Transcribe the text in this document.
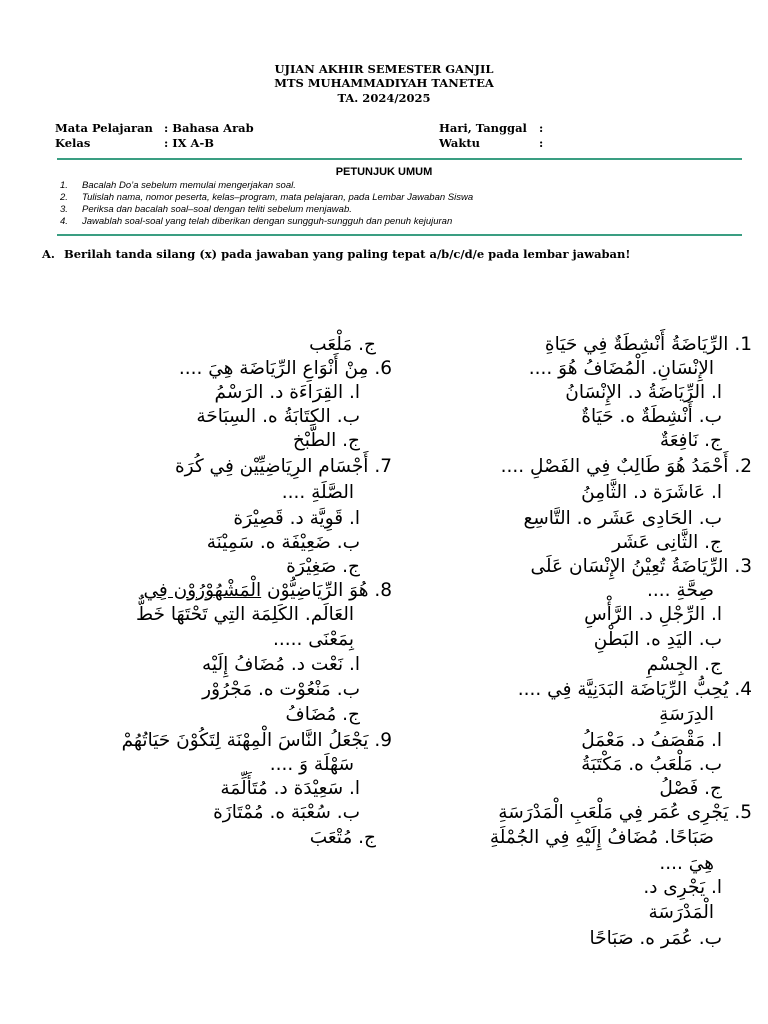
UJIAN AKHIR SEMESTER GANJIL
MTS MUHAMMADIYAH TANETEA
TA. 2024/2025
Mata Pelajaran : Bahasa Arab
Kelas	: IX A-B
Hari, Tanggal :
Waktu	:
PETUNJUK UMUM
1. Bacalah Do’a sebelum memulai mengerjakan soal.
2. Tulislah nama, nomor peserta, kelas–program, mata pelajaran, pada Lembar Jawaban Siswa
3. Periksa dan bacalah soal–soal dengan teliti sebelum menjawab.
4. Jawablah soal-soal yang telah diberikan dengan sungguh-sungguh dan penuh kejujuran
A. Berilah tanda silang (x) pada jawaban yang paling tepat a/b/c/d/e pada lembar jawaban!
1. الرِّيَاضَةُ أَنْشِطَةٌ فِي حَيَاةِ
الإِنْسَانِ. الْمُضَافُ هُوَ ....
ا. الرِّيَاضَةُ د. الإِنْسَانُ
ب. أَنْشِطَةٌ ه. حَيَاةٌ
ج. نَافِعَةٌ
2. أَحْمَدُ هُوَ طَالِبٌ فِي الفَصْلِ ....
ا. عَاشَرَة د. الثَّامِنُ
ب. الحَادِى عَشَر ه. التَّاسِع
ج. الثَّانِى عَشَر
3. الرِّيَاضَةُ تُعِيْنُ الإِنْسَان عَلَى
صِحَّةِ ....
ا. الرِّجْلِ د. الرَّأْسِ
ب. اليَدِ ه. البَطْنِ
ج. الجِسْمِ
4. يُحِبُّ الرِّيَاضَة البَدَنِيَّة فِي ....
الدِرَسَةِ
ا. مَقْصَفُ د. مَعْمَلُ
ب. مَلْعَبُ ه. مَكْتَبَةُ
ج. فَصْلُ
5. يَجْرِى عُمَر فِي مَلْعَبِ الْمَدْرَسَةِ
صَبَاحًا. مُضَافُ إِلَيْهِ فِي الجُمْلَةِ
هِيَ ....
ا. يَجْرِى د.
الْمَدْرَسَة
ب. عُمَر ه. صَبَاحًا
ج. مَلْعَب
6. مِنْ أَنْوَاعِ الرِّيَاضَة هِيَ ....
ا. القِرَاءَة د. الرَسْمُ
ب. الكِتَابَةُ ه. السِبَاحَة
ج. الطَّبْخ
7. أَجْسَام الرِيَاضِيِّيْن فِي كُرَة
الصَّلَةِ ....
ا. قَوِيَّة د. قَصِيْرَة
ب. ضَعِيْفَة ه. سَمِيْنَة
ج. صَغِيْرَة
8. هُوَ الرِّيَاضِيُّوْن الْمَشْهُوْرُوْن فِي
العَالَم. الكَلِمَة التِي تَحْتَهَا خَطٌّ
بِمَعْنَى .....
ا. نَعْت د. مُضَافُ إِلَيْه
ب. مَنْعُوْت ه. مَجْرُوْر
ج. مُضَافُ
9. يَجْعَلُ النَّاسَ الْمِهْنَة لِتَكُوْنَ حَيَاتُهُمْ
سَهْلَة وَ ....
ا. سَعِيْدَة د. مُتَأَلِّمَة
ب. سُعْبَة ه. مُمْتَازَة
ج. مُتْعَبَ
